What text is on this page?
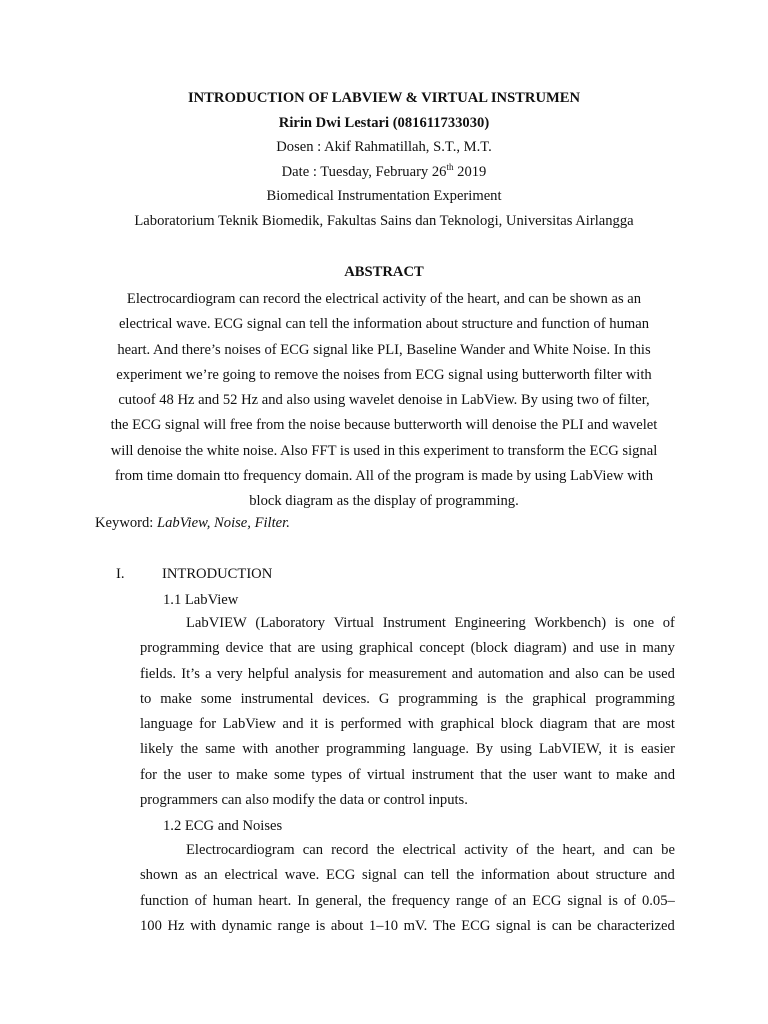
INTRODUCTION OF LABVIEW & VIRTUAL INSTRUMEN
Ririn Dwi Lestari (081611733030)
Dosen : Akif Rahmatillah, S.T., M.T.
Date : Tuesday, February 26th 2019
Biomedical Instrumentation Experiment
Laboratorium Teknik Biomedik, Fakultas Sains dan Teknologi, Universitas Airlangga
ABSTRACT
Electrocardiogram can record the electrical activity of the heart, and can be shown as an
electrical wave. ECG signal can tell the information about structure and function of human
heart. And there’s noises of ECG signal like PLI, Baseline Wander and White Noise. In this
experiment we’re going to remove the noises from ECG signal using butterworth filter with
cutoof 48 Hz and 52 Hz and also using wavelet denoise in LabView. By using two of filter,
the ECG signal will free from the noise because butterworth will denoise the PLI and wavelet
will denoise the white noise. Also FFT is used in this experiment to transform the ECG signal
from time domain tto frequency domain. All of the program is made by using LabView with
block diagram as the display of programming.
Keyword: LabView, Noise, Filter.
I.	INTRODUCTION
1.1 LabView
LabVIEW (Laboratory Virtual Instrument Engineering Workbench) is one of
programming device that are using graphical concept (block diagram) and use in many
fields. It’s a very helpful analysis for measurement and automation and also can be used
to make some instrumental devices. G programming is the graphical programming
language for LabView and it is performed with graphical block diagram that are most
likely the same with another programming language. By using LabVIEW, it is easier
for the user to make some types of virtual instrument that the user want to make and
programmers can also modify the data or control inputs.
1.2 ECG and Noises
Electrocardiogram can record the electrical activity of the heart, and can be
shown as an electrical wave. ECG signal can tell the information about structure and
function of human heart. In general, the frequency range of an ECG signal is of 0.05–
100 Hz with dynamic range is about 1–10 mV. The ECG signal is can be characterized
